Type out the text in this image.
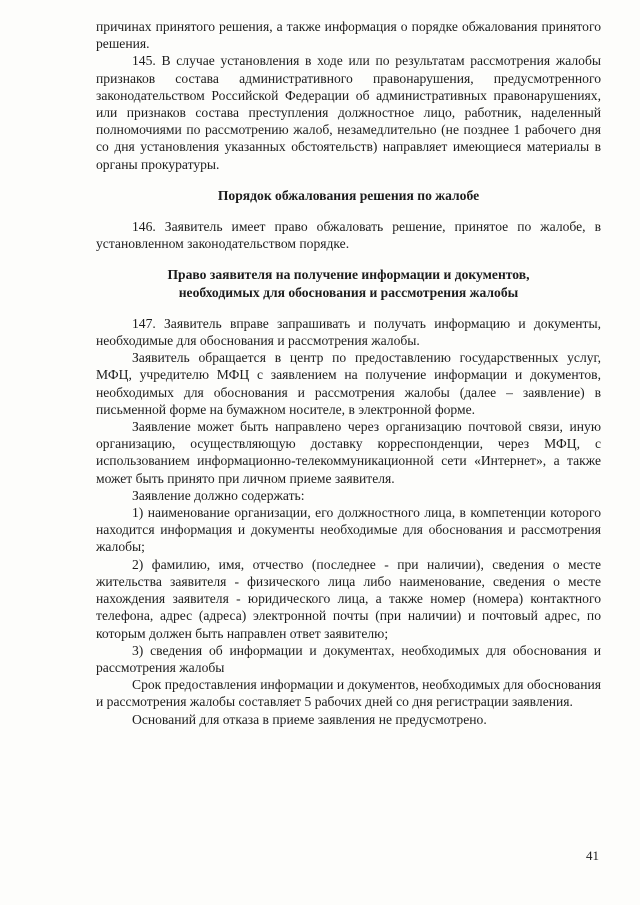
причинах принятого решения, а также информация о порядке обжалования принятого решения.

145. В случае установления в ходе или по результатам рассмотрения жалобы признаков состава административного правонарушения, предусмотренного законодательством Российской Федерации об административных правонарушениях, или признаков состава преступления должностное лицо, работник, наделенный полномочиями по рассмотрению жалоб, незамедлительно (не позднее 1 рабочего дня со дня установления указанных обстоятельств) направляет имеющиеся материалы в органы прокуратуры.

Порядок обжалования решения по жалобе

146. Заявитель имеет право обжаловать решение, принятое по жалобе, в установленном законодательством порядке.

Право заявителя на получение информации и документов,
необходимых для обоснования и рассмотрения жалобы

147. Заявитель вправе запрашивать и получать информацию и документы, необходимые для обоснования и рассмотрения жалобы.

Заявитель обращается в центр по предоставлению государственных услуг, МФЦ, учредителю МФЦ с заявлением на получение информации и документов, необходимых для обоснования и рассмотрения жалобы (далее – заявление) в письменной форме на бумажном носителе, в электронной форме.

Заявление может быть направлено через организацию почтовой связи, иную организацию, осуществляющую доставку корреспонденции, через МФЦ, с использованием информационно-телекоммуникационной сети «Интернет», а также может быть принято при личном приеме заявителя.

Заявление должно содержать:

1) наименование организации, его должностного лица, в компетенции которого находится информация и документы необходимые для обоснования и рассмотрения жалобы;

2) фамилию, имя, отчество (последнее - при наличии), сведения о месте жительства заявителя - физического лица либо наименование, сведения о месте нахождения заявителя - юридического лица, а также номер (номера) контактного телефона, адрес (адреса) электронной почты (при наличии) и почтовый адрес, по которым должен быть направлен ответ заявителю;

3) сведения об информации и документах, необходимых для обоснования и рассмотрения жалобы

Срок предоставления информации и документов, необходимых для обоснования и рассмотрения жалобы составляет 5 рабочих дней со дня регистрации заявления.

Оснований для отказа в приеме заявления не предусмотрено.

41
